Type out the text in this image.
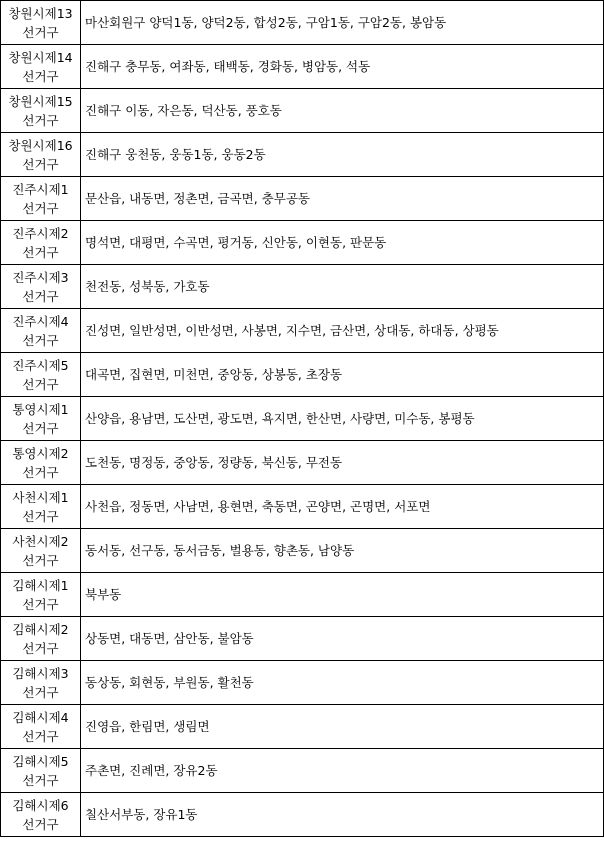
창원시제13
선거구	마산회원구 양덕1동, 양덕2동, 합성2동, 구암1동, 구암2동, 봉암동

창원시제14
선거구	진해구 충무동, 여좌동, 태백동, 경화동, 병암동, 석동

창원시제15
선거구	진해구 이동, 자은동, 덕산동, 풍호동

창원시제16
선거구	진해구 웅천동, 웅동1동, 웅동2동

진주시제1
선거구	문산읍, 내동면, 정촌면, 금곡면, 충무공동

진주시제2
선거구	명석면, 대평면, 수곡면, 평거동, 신안동, 이현동, 판문동

진주시제3
선거구	천전동, 성북동, 가호동

진주시제4
선거구	진성면, 일반성면, 이반성면, 사봉면, 지수면, 금산면, 상대동, 하대동, 상평동

진주시제5
선거구	대곡면, 집현면, 미천면, 중앙동, 상봉동, 초장동

통영시제1
선거구	산양읍, 용남면, 도산면, 광도면, 욕지면, 한산면, 사량면, 미수동, 봉평동

통영시제2
선거구	도천동, 명정동, 중앙동, 정량동, 북신동, 무전동

사천시제1
선거구	사천읍, 정동면, 사남면, 용현면, 축동면, 곤양면, 곤명면, 서포면

사천시제2
선거구	동서동, 선구동, 동서금동, 벌용동, 향촌동, 남양동

김해시제1
선거구	북부동

김해시제2
선거구	상동면, 대동면, 삼안동, 불암동

김해시제3
선거구	동상동, 회현동, 부원동, 활천동

김해시제4
선거구	진영읍, 한림면, 생림면

김해시제5
선거구	주촌면, 진례면, 장유2동

김해시제6
선거구	칠산서부동, 장유1동
